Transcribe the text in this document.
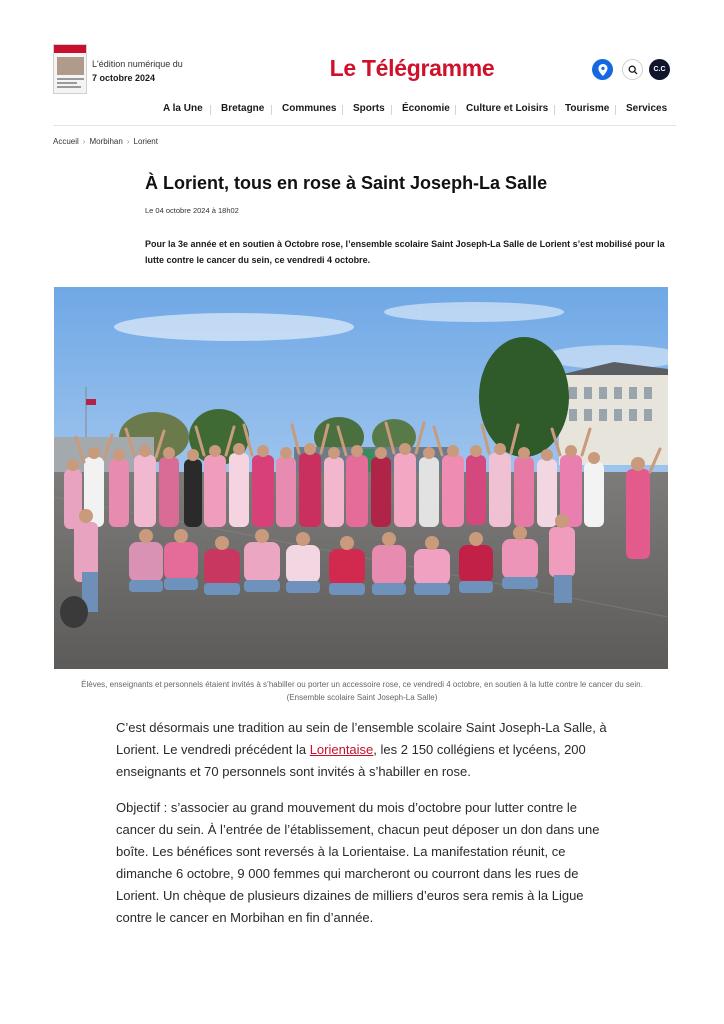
L'édition numérique du
7 octobre 2024	Le Télégramme	C.C
A la Une Bretagne Communes Sports Économie Culture et Loisirs Tourisme Services
Accueil › Morbihan › Lorient
À Lorient, tous en rose à Saint Joseph-La Salle
Le 04 octobre 2024 à 18h02
Pour la 3e année et en soutien à Octobre rose, l’ensemble scolaire Saint Joseph-La Salle de Lorient s’est mobilisé pour la lutte contre le cancer du sein, ce vendredi 4 octobre.
Élèves, enseignants et personnels étaient invités à s’habiller ou porter un accessoire rose, ce vendredi 4 octobre, en soutien à la lutte contre le cancer du sein. (Ensemble scolaire Saint Joseph-La Salle)

C’est désormais une tradition au sein de l’ensemble scolaire Saint Joseph-La Salle, à Lorient. Le vendredi précédent la Lorientaise, les 2 150 collégiens et lycéens, 200 enseignants et 70 personnels sont invités à s’habiller en rose.

Objectif : s’associer au grand mouvement du mois d’octobre pour lutter contre le cancer du sein. À l’entrée de l’établissement, chacun peut déposer un don dans une boîte. Les bénéfices sont reversés à la Lorientaise. La manifestation réunit, ce dimanche 6 octobre, 9 000 femmes qui marcheront ou courront dans les rues de Lorient. Un chèque de plusieurs dizaines de milliers d’euros sera remis à la Ligue contre le cancer en Morbihan en fin d’année.
